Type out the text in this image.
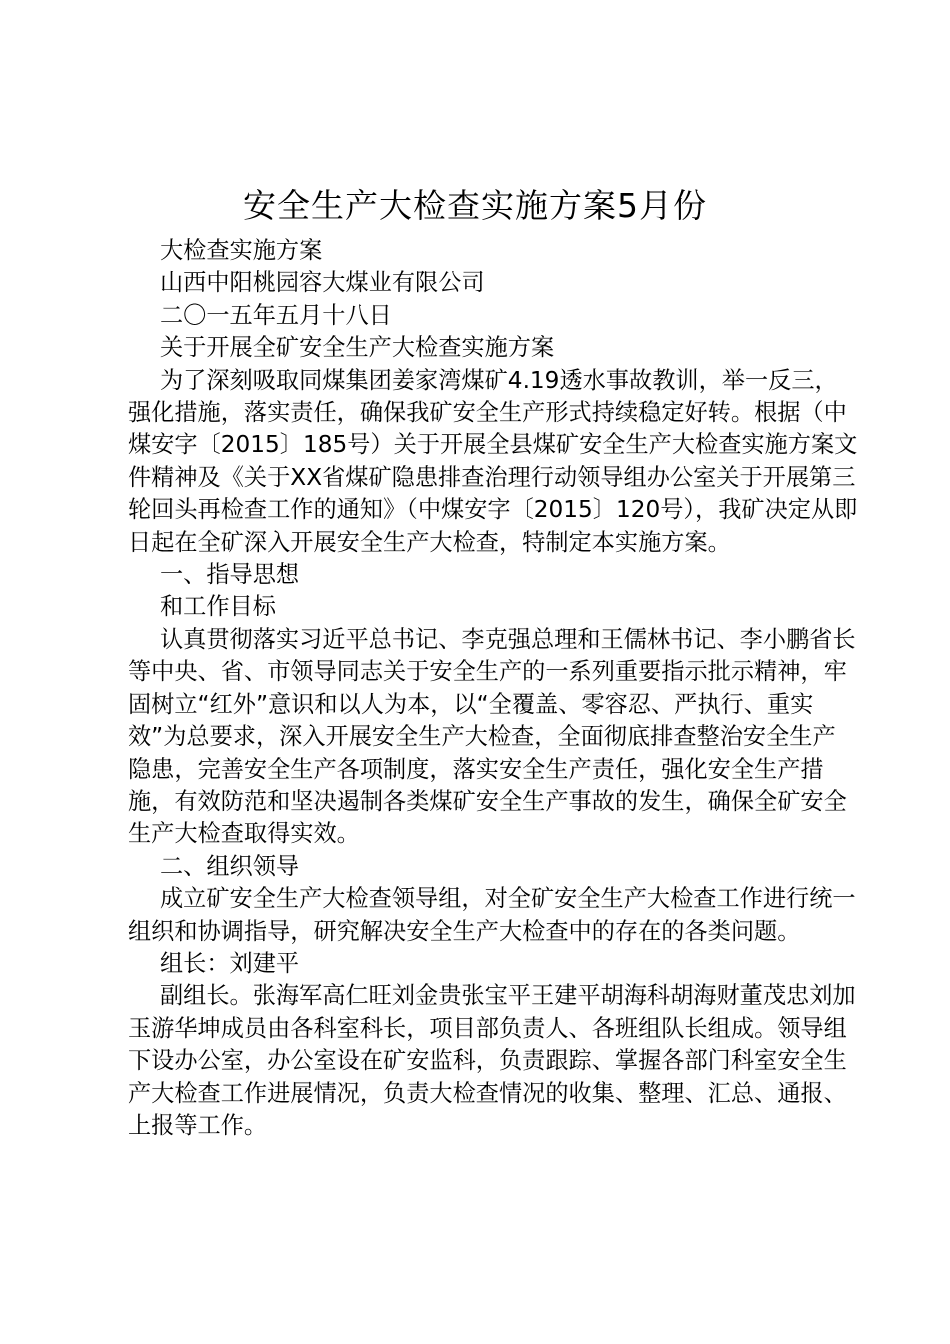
安全生产大检查实施方案5月份

大检查实施方案

山西中阳桃园容大煤业有限公司

二〇一五年五月十八日

关于开展全矿安全生产大检查实施方案

为了深刻吸取同煤集团姜家湾煤矿4.19透水事故教训，举一反三，强化措施，落实责任，确保我矿安全生产形式持续稳定好转。根据（中煤安字〔2015〕185号）关于开展全县煤矿安全生产大检查实施方案文件精神及《关于XX省煤矿隐患排查治理行动领导组办公室关于开展第三轮回头再检查工作的通知》（中煤安字〔2015〕120号），我矿决定从即日起在全矿深入开展安全生产大检查，特制定本实施方案。

一、指导思想

和工作目标

认真贯彻落实习近平总书记、李克强总理和王儒林书记、李小鹏省长等中央、省、市领导同志关于安全生产的一系列重要指示批示精神，牢固树立“红外”意识和以人为本，以“全覆盖、零容忍、严执行、重实效”为总要求，深入开展安全生产大检查，全面彻底排查整治安全生产隐患，完善安全生产各项制度，落实安全生产责任，强化安全生产措施，有效防范和坚决遏制各类煤矿安全生产事故的发生，确保全矿安全生产大检查取得实效。

二、组织领导

成立矿安全生产大检查领导组，对全矿安全生产大检查工作进行统一组织和协调指导，研究解决安全生产大检查中的存在的各类问题。

组长：刘建平

副组长。张海军高仁旺刘金贵张宝平王建平胡海科胡海财董茂忠刘加玉游华坤成员由各科室科长，项目部负责人、各班组队长组成。领导组下设办公室，办公室设在矿安监科，负责跟踪、掌握各部门科室安全生产大检查工作进展情况，负责大检查情况的收集、整理、汇总、通报、上报等工作。
